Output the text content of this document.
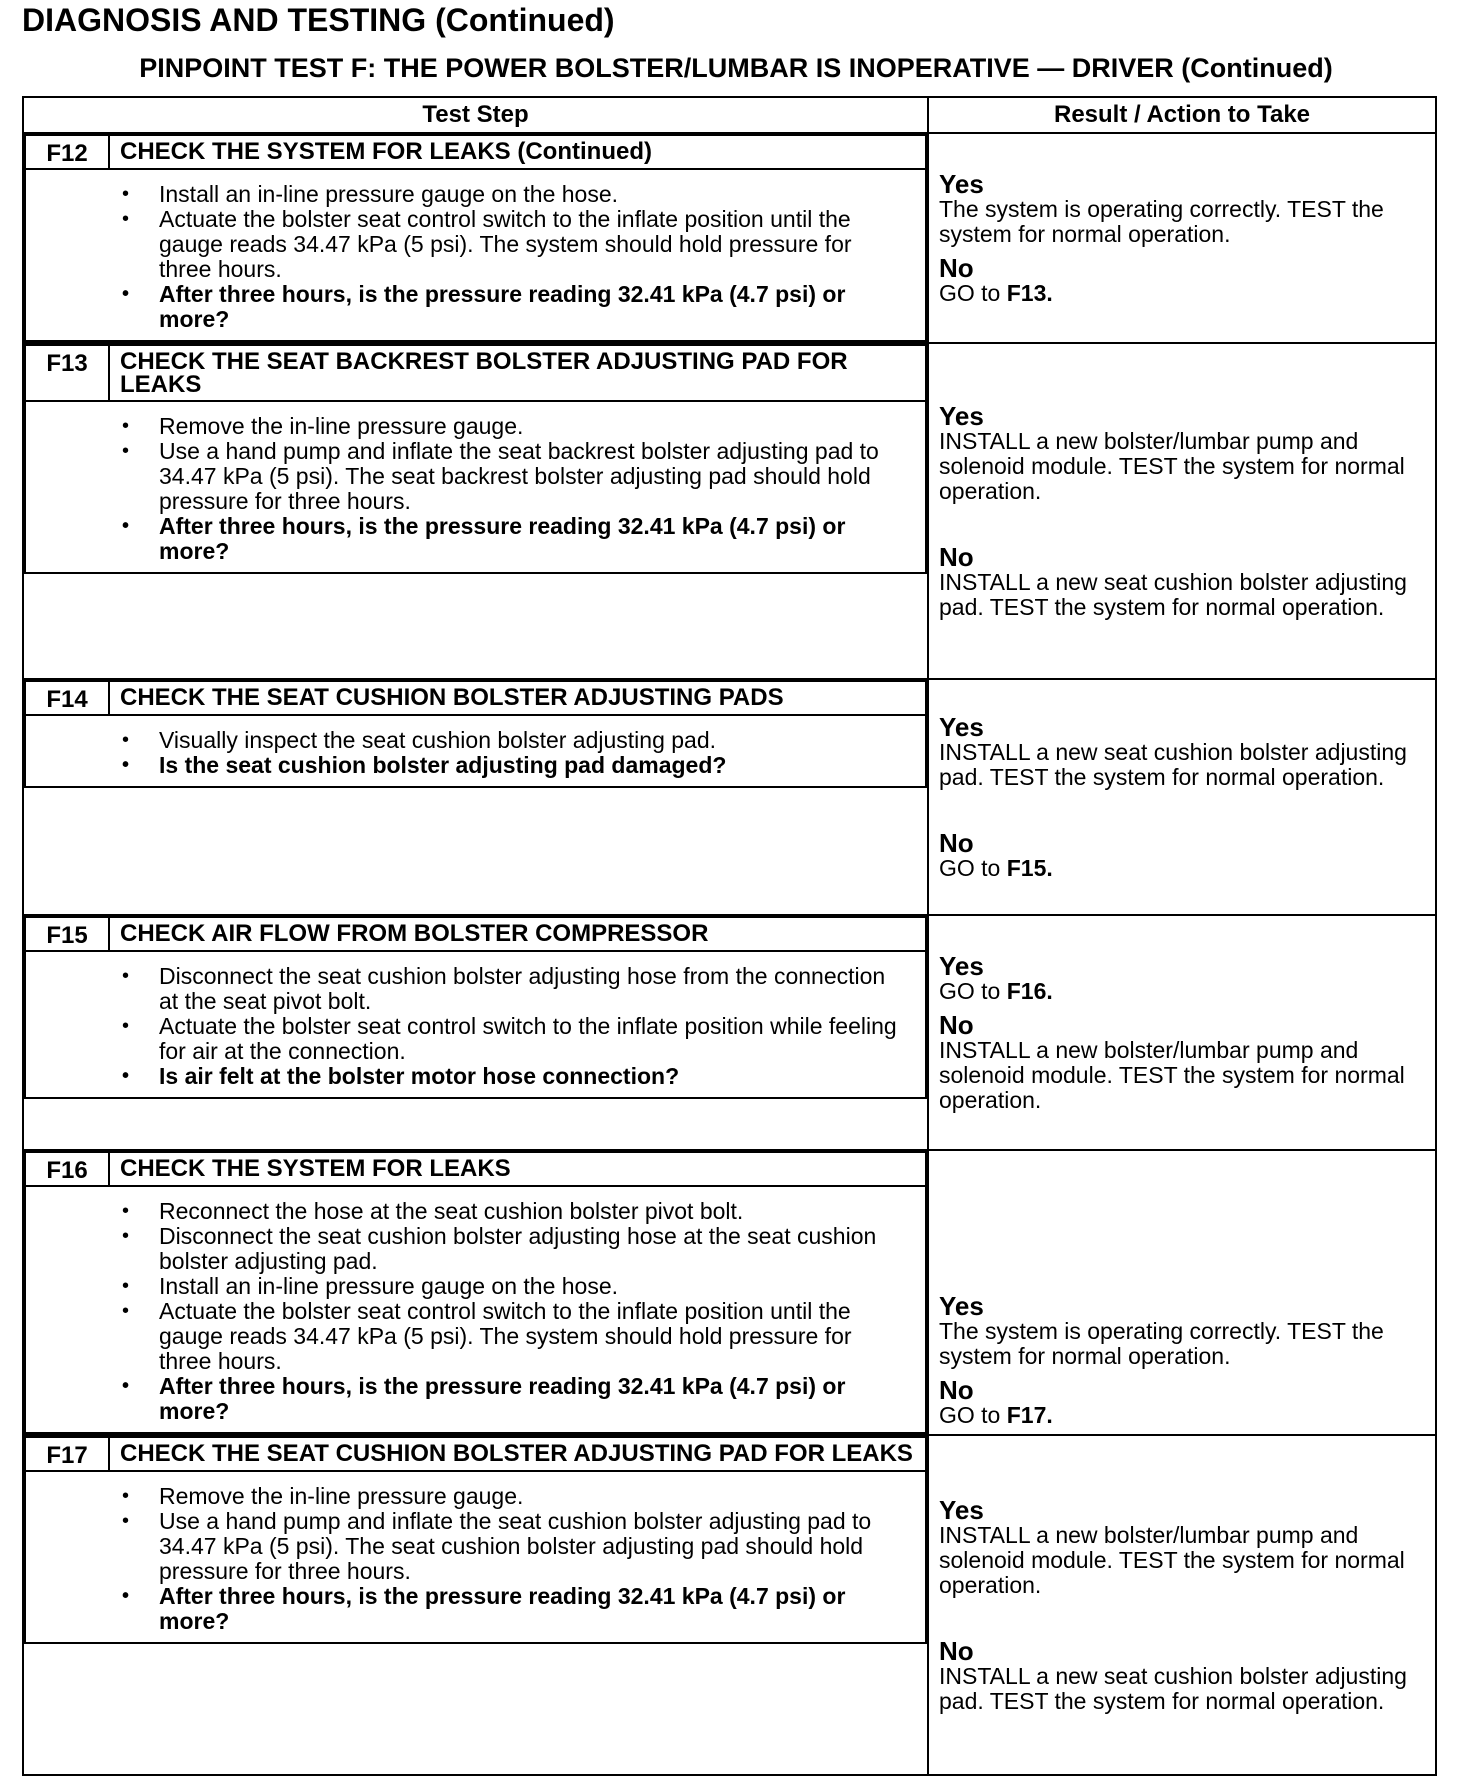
DIAGNOSIS AND TESTING (Continued)
PINPOINT TEST F: THE POWER BOLSTER/LUMBAR IS INOPERATIVE — DRIVER (Continued)
Test Step	Result / Action to Take

F12	CHECK THE SYSTEM FOR LEAKS (Continued)

• Install an in-line pressure gauge on the hose.
• Actuate the bolster seat control switch to the inflate position until the gauge reads 34.47 kPa (5 psi). The system should hold pressure for three hours.
• After three hours, is the pressure reading 32.41 kPa (4.7 psi) or more?

Yes
The system is operating correctly. TEST the system for normal operation.
No
GO to F13.

F13	CHECK THE SEAT BACKREST BOLSTER ADJUSTING PAD FOR LEAKS

• Remove the in-line pressure gauge.
• Use a hand pump and inflate the seat backrest bolster adjusting pad to 34.47 kPa (5 psi). The seat backrest bolster adjusting pad should hold pressure for three hours.
• After three hours, is the pressure reading 32.41 kPa (4.7 psi) or more?

Yes
INSTALL a new bolster/lumbar pump and solenoid module. TEST the system for normal operation.
No
INSTALL a new seat cushion bolster adjusting pad. TEST the system for normal operation.

F14	CHECK THE SEAT CUSHION BOLSTER ADJUSTING PADS

• Visually inspect the seat cushion bolster adjusting pad.
• Is the seat cushion bolster adjusting pad damaged?

Yes
INSTALL a new seat cushion bolster adjusting pad. TEST the system for normal operation.
No
GO to F15.

F15	CHECK AIR FLOW FROM BOLSTER COMPRESSOR

• Disconnect the seat cushion bolster adjusting hose from the connection at the seat pivot bolt.
• Actuate the bolster seat control switch to the inflate position while feeling for air at the connection.
• Is air felt at the bolster motor hose connection?

Yes
GO to F16.
No
INSTALL a new bolster/lumbar pump and solenoid module. TEST the system for normal operation.

F16	CHECK THE SYSTEM FOR LEAKS

• Reconnect the hose at the seat cushion bolster pivot bolt.
• Disconnect the seat cushion bolster adjusting hose at the seat cushion bolster adjusting pad.
• Install an in-line pressure gauge on the hose.
• Actuate the bolster seat control switch to the inflate position until the gauge reads 34.47 kPa (5 psi). The system should hold pressure for three hours.
• After three hours, is the pressure reading 32.41 kPa (4.7 psi) or more?

Yes
The system is operating correctly. TEST the system for normal operation.
No
GO to F17.

F17	CHECK THE SEAT CUSHION BOLSTER ADJUSTING PAD FOR LEAKS

• Remove the in-line pressure gauge.
• Use a hand pump and inflate the seat cushion bolster adjusting pad to 34.47 kPa (5 psi). The seat cushion bolster adjusting pad should hold pressure for three hours.
• After three hours, is the pressure reading 32.41 kPa (4.7 psi) or more?

Yes
INSTALL a new bolster/lumbar pump and solenoid module. TEST the system for normal operation.
No
INSTALL a new seat cushion bolster adjusting pad. TEST the system for normal operation.
